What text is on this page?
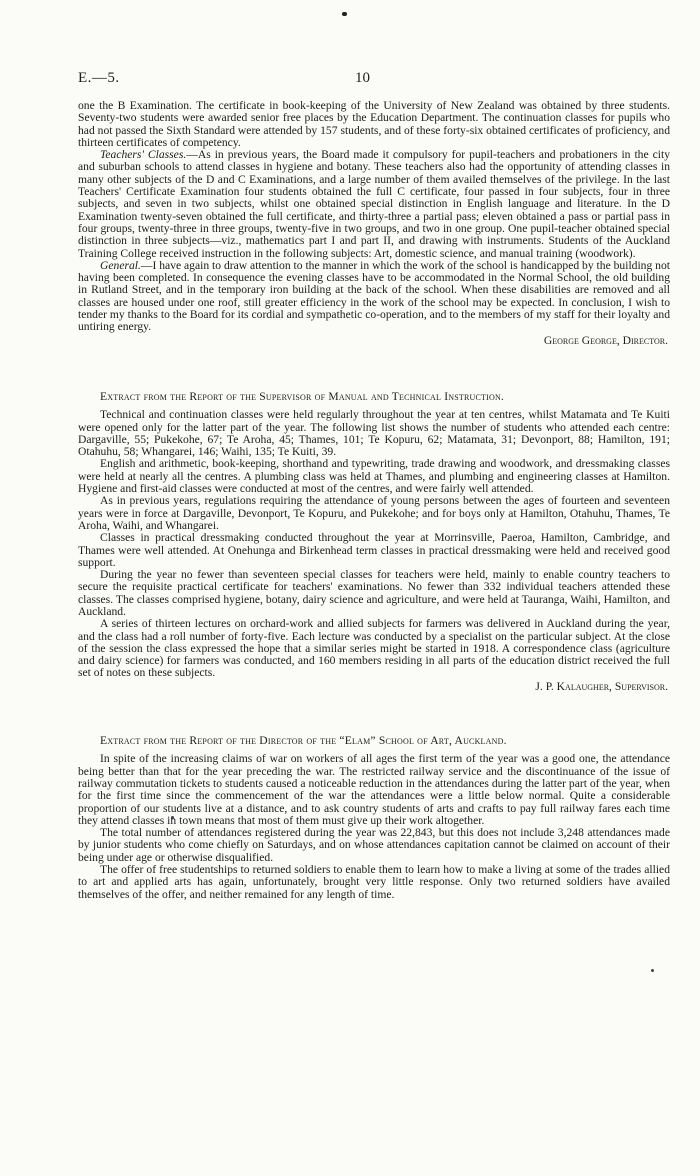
E.—5.	10

one the B Examination. The certificate in book-keeping of the University of New Zealand was obtained by three students. Seventy-two students were awarded senior free places by the Education Department. The continuation classes for pupils who had not passed the Sixth Standard were attended by 157 students, and of these forty-six obtained certificates of proficiency, and thirteen certificates of competency.

Teachers' Classes.—As in previous years, the Board made it compulsory for pupil-teachers and probationers in the city and suburban schools to attend classes in hygiene and botany. These teachers also had the opportunity of attending classes in many other subjects of the D and C Examinations, and a large number of them availed themselves of the privilege. In the last Teachers' Certificate Examination four students obtained the full C certificate, four passed in four subjects, four in three subjects, and seven in two subjects, whilst one obtained special distinction in English language and literature. In the D Examination twenty-seven obtained the full certificate, and thirty-three a partial pass; eleven obtained a pass or partial pass in four groups, twenty-three in three groups, twenty-five in two groups, and two in one group. One pupil-teacher obtained special distinction in three subjects—viz., mathematics part I and part II, and drawing with instruments. Students of the Auckland Training College received instruction in the following subjects: Art, domestic science, and manual training (woodwork).

General.—I have again to draw attention to the manner in which the work of the school is handicapped by the building not having been completed. In consequence the evening classes have to be accommodated in the Normal School, the old building in Rutland Street, and in the temporary iron building at the back of the school. When these disabilities are removed and all classes are housed under one roof, still greater efficiency in the work of the school may be expected. In conclusion, I wish to tender my thanks to the Board for its cordial and sympathetic co-operation, and to the members of my staff for their loyalty and untiring energy.

George George, Director.

Extract from the Report of the Supervisor of Manual and Technical Instruction.

Technical and continuation classes were held regularly throughout the year at ten centres, whilst Matamata and Te Kuiti were opened only for the latter part of the year. The following list shows the number of students who attended each centre: Dargaville, 55; Pukekohe, 67; Te Aroha, 45; Thames, 101; Te Kopuru, 62; Matamata, 31; Devonport, 88; Hamilton, 191; Otahuhu, 58; Whangarei, 146; Waihi, 135; Te Kuiti, 39.

English and arithmetic, book-keeping, shorthand and typewriting, trade drawing and woodwork, and dressmaking classes were held at nearly all the centres. A plumbing class was held at Thames, and plumbing and engineering classes at Hamilton. Hygiene and first-aid classes were conducted at most of the centres, and were fairly well attended.

As in previous years, regulations requiring the attendance of young persons between the ages of fourteen and seventeen years were in force at Dargaville, Devonport, Te Kopuru, and Pukekohe; and for boys only at Hamilton, Otahuhu, Thames, Te Aroha, Waihi, and Whangarei.

Classes in practical dressmaking conducted throughout the year at Morrinsville, Paeroa, Hamilton, Cambridge, and Thames were well attended. At Onehunga and Birkenhead term classes in practical dressmaking were held and received good support.

During the year no fewer than seventeen special classes for teachers were held, mainly to enable country teachers to secure the requisite practical certificate for teachers' examinations. No fewer than 332 individual teachers attended these classes. The classes comprised hygiene, botany, dairy science and agriculture, and were held at Tauranga, Waihi, Hamilton, and Auckland.

A series of thirteen lectures on orchard-work and allied subjects for farmers was delivered in Auckland during the year, and the class had a roll number of forty-five. Each lecture was conducted by a specialist on the particular subject. At the close of the session the class expressed the hope that a similar series might be started in 1918. A correspondence class (agriculture and dairy science) for farmers was conducted, and 160 members residing in all parts of the education district received the full set of notes on these subjects.

J. P. Kalaugher, Supervisor.

Extract from the Report of the Director of the “Elam” School of Art, Auckland.

In spite of the increasing claims of war on workers of all ages the first term of the year was a good one, the attendance being better than that for the year preceding the war. The restricted railway service and the discontinuance of the issue of railway commutation tickets to students caused a noticeable reduction in the attendances during the latter part of the year, when for the first time since the commencement of the war the attendances were a little below normal. Quite a considerable proportion of our students live at a distance, and to ask country students of arts and crafts to pay full railway fares each time they attend classes in town means that most of them must give up their work altogether.

The total number of attendances registered during the year was 22,843, but this does not include 3,248 attendances made by junior students who come chiefly on Saturdays, and on whose attendances capitation cannot be claimed on account of their being under age or otherwise disqualified.

The offer of free studentships to returned soldiers to enable them to learn how to make a living at some of the trades allied to art and applied arts has again, unfortunately, brought very little response. Only two returned soldiers have availed themselves of the offer, and neither remained for any length of time.
